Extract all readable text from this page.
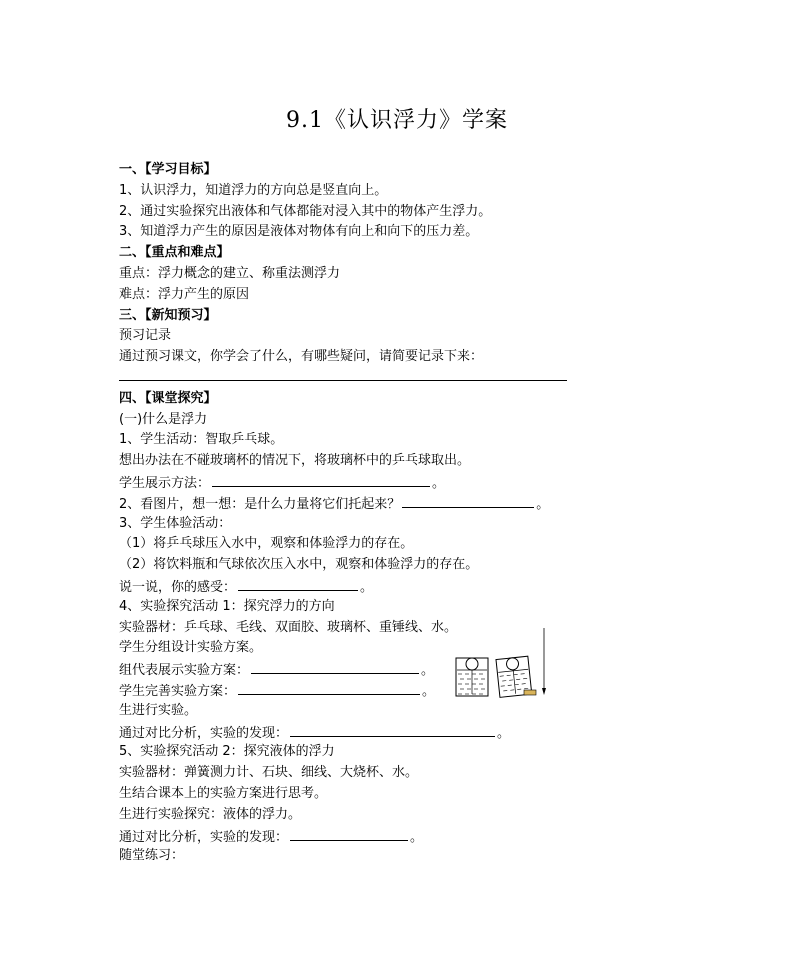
9.1《认识浮力》学案
一、【学习目标】
1、认识浮力，知道浮力的方向总是竖直向上。
2、通过实验探究出液体和气体都能对浸入其中的物体产生浮力。
3、知道浮力产生的原因是液体对物体有向上和向下的压力差。
二、【重点和难点】
重点：浮力概念的建立、称重法测浮力
难点：浮力产生的原因
三、【新知预习】
预习记录
通过预习课文，你学会了什么，有哪些疑问，请简要记录下来：
四、【课堂探究】
(一)什么是浮力
1、学生活动：智取乒乓球。
想出办法在不碰玻璃杯的情况下，将玻璃杯中的乒乓球取出。
学生展示方法：	。
2、看图片，想一想：是什么力量将它们托起来？	。
3、学生体验活动：
（1）将乒乓球压入水中，观察和体验浮力的存在。
（2）将饮料瓶和气球依次压入水中，观察和体验浮力的存在。
说一说，你的感受：	。
4、实验探究活动 1：探究浮力的方向
实验器材：乒乓球、毛线、双面胶、玻璃杯、重锤线、水。
学生分组设计实验方案。
组代表展示实验方案：	。
学生完善实验方案：	。
生进行实验。
通过对比分析，实验的发现：	。
5、实验探究活动 2：探究液体的浮力
实验器材：弹簧测力计、石块、细线、大烧杯、水。
生结合课本上的实验方案进行思考。
生进行实验探究：液体的浮力。
通过对比分析，实验的发现：	。
随堂练习：
